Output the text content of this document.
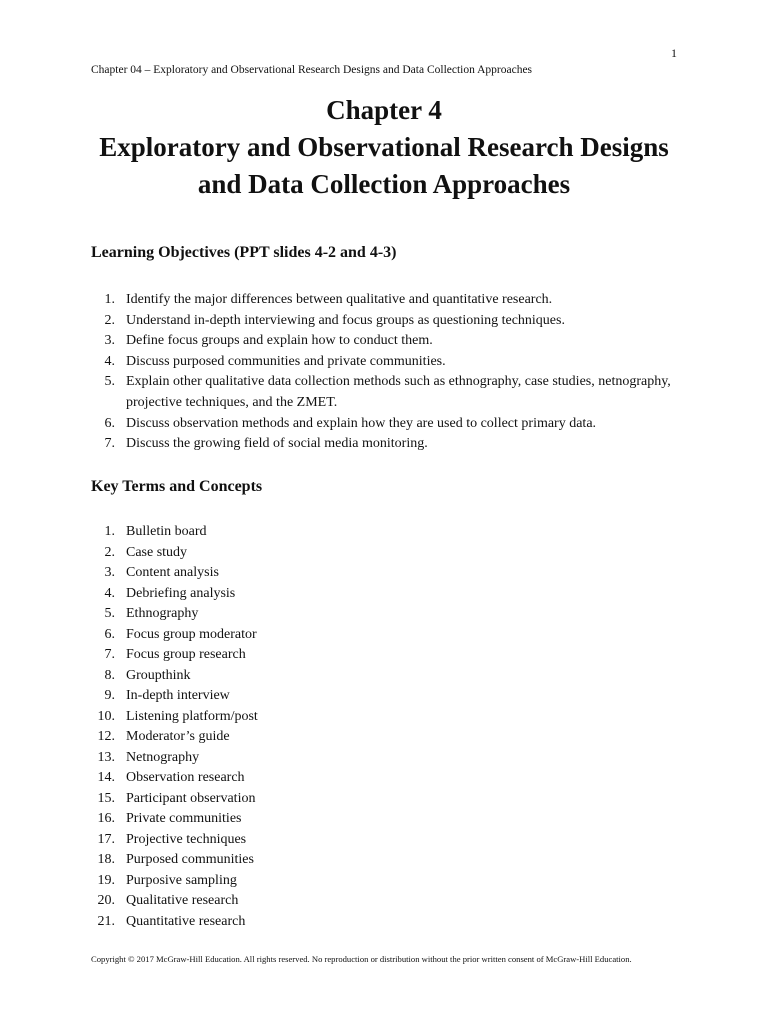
1
Chapter 04 – Exploratory and Observational Research Designs and Data Collection Approaches
Chapter 4
Exploratory and Observational Research Designs
and Data Collection Approaches
Learning Objectives (PPT slides 4-2 and 4-3)
1. Identify the major differences between qualitative and quantitative research.
2. Understand in-depth interviewing and focus groups as questioning techniques.
3. Define focus groups and explain how to conduct them.
4. Discuss purposed communities and private communities.
5. Explain other qualitative data collection methods such as ethnography, case studies, netnography, projective techniques, and the ZMET.
6. Discuss observation methods and explain how they are used to collect primary data.
7. Discuss the growing field of social media monitoring.
Key Terms and Concepts
1. Bulletin board
2. Case study
3. Content analysis
4. Debriefing analysis
5. Ethnography
6. Focus group moderator
7. Focus group research
8. Groupthink
9. In-depth interview
10. Listening platform/post
12. Moderator’s guide
13. Netnography
14. Observation research
15. Participant observation
16. Private communities
17. Projective techniques
18. Purposed communities
19. Purposive sampling
20. Qualitative research
21. Quantitative research
Copyright © 2017 McGraw-Hill Education. All rights reserved. No reproduction or distribution without the prior written consent of McGraw-Hill Education.
